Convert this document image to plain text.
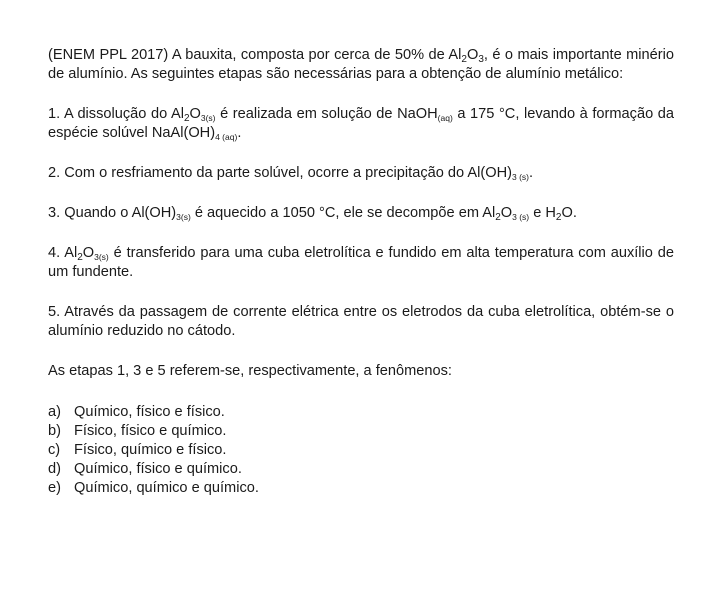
(ENEM PPL 2017) A bauxita, composta por cerca de 50% de $Al_2O_3$, é o mais importante minério de alumínio. As seguintes etapas são necessárias para a obtenção de alumínio metálico:

1. A dissolução do $Al_2O_{3(s)}$ é realizada em solução de NaOH$_{(aq)}$ a 175 °C, levando à formação da espécie solúvel $NaAl(OH)_{4 (aq)}$.

2. Com o resfriamento da parte solúvel, ocorre a precipitação do $Al(OH)_{3 (s)}$.

3. Quando o $Al(OH)_{3(s)}$ é aquecido a 1050 °C, ele se decompõe em $Al_2O_{3 (s)}$ e $H_2O$.

4. $Al_2O_{3(s)}$ é transferido para uma cuba eletrolítica e fundido em alta temperatura com auxílio de um fundente.

5. Através da passagem de corrente elétrica entre os eletrodos da cuba eletrolítica, obtém-se o alumínio reduzido no cátodo.

As etapas 1, 3 e 5 referem-se, respectivamente, a fenômenos:

a) Químico, físico e físico.
b) Físico, físico e químico.
c) Físico, químico e físico.
d) Químico, físico e químico.
e) Químico, químico e químico.
